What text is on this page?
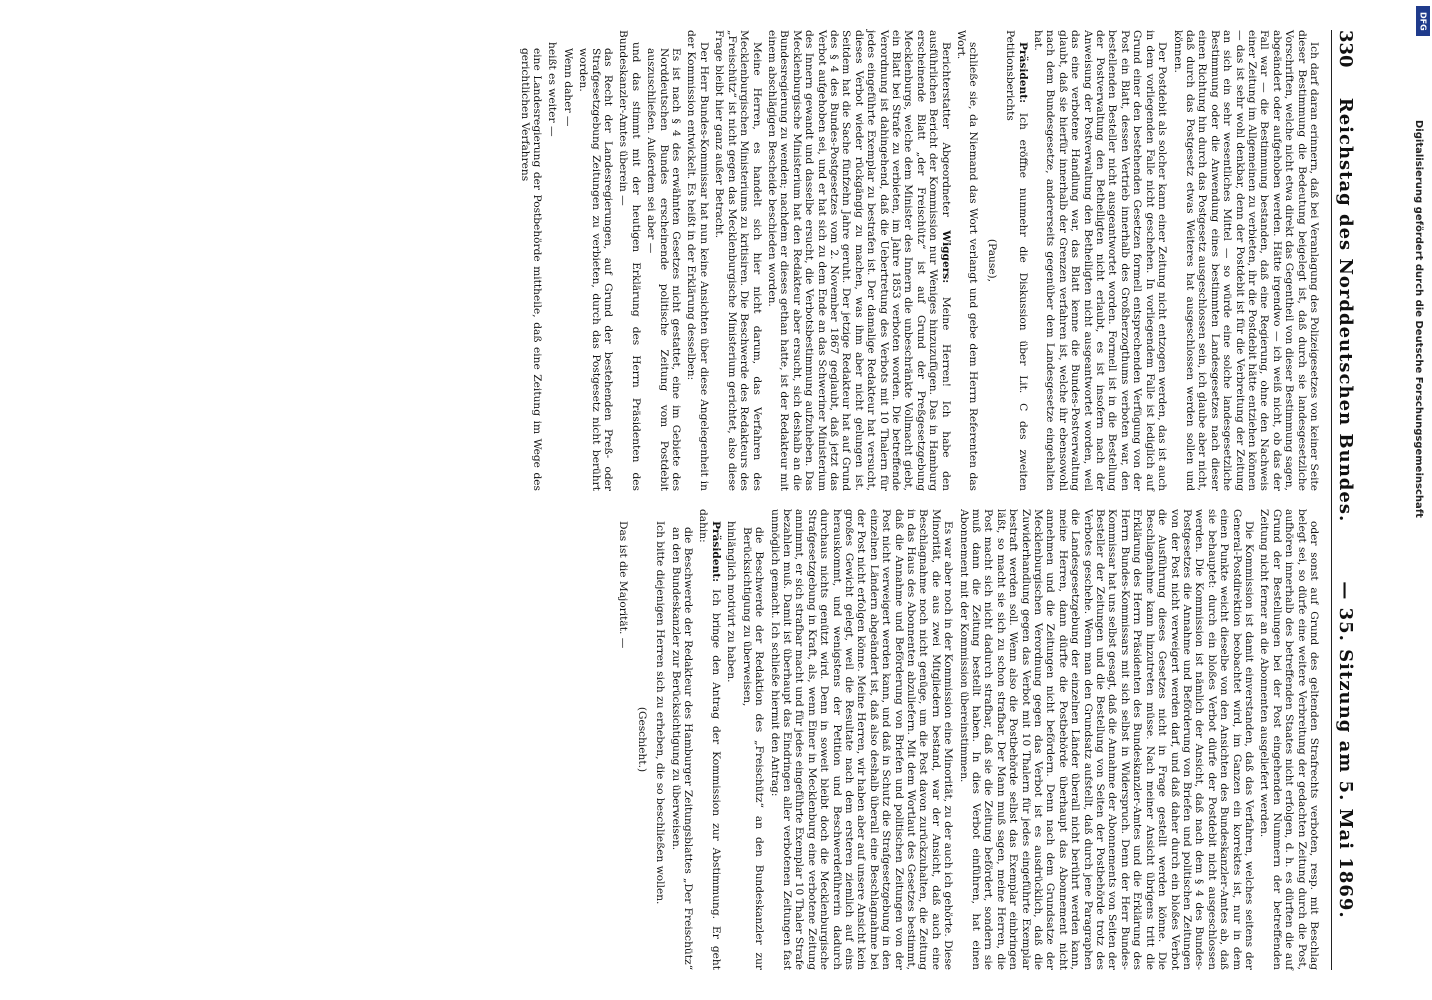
DFG
Digitalisierung gefördert durch die Deutsche Forschungsgemeinschaft
330
Reichstag des Norddeutschen Bundes.
— 35. Sitzung am 5. Mai 1869.

Ich darf daran erinnern, daß bei Veranlagung des Polizeigesetzes von keiner Seite dieser Bestimmung die Bedeutung beigelegt ist, daß durch sie landesgesetzliche Vorschriften, welche nicht etwa direkt das Gegentheil von dieser Bestimmung sagen, abgeändert oder aufgehoben werden. Hätte irgendwo — ich weiß nicht, ob das der Fall war — die Bestimmung bestanden, daß eine Regierung, ohne den Nachweis einer Zeitung im Allgemeinen zu verbieten, ihr die Postdebit hätte entziehen können — das ist sehr wohl denkbar, denn der Postdebit ist für die Verbreitung der Zeitung an sich ein sehr wesentliches Mittel — so würde eine solche landesgesetzliche Bestimmung oder die Anwendung eines bestimmten Landesgesetzes nach dieser einen Richtung hin durch das Postgesetz ausgeschlossen sein, ich glaube aber nicht, daß durch das Postgesetz etwas Weiteres hat ausgeschlossen werden sollen und können.

Der Postdebit als solcher kann einer Zeitung nicht entzogen werden, das ist auch in dem vorliegenden Falle nicht geschehen. In vorliegendem Falle ist lediglich auf Grund einer den bestehenden Gesetzen formell entsprechenden Verfügung von der Post ein Blatt, dessen Vertrieb innerhalb des Großherzogthums verboten war, den bestellenden Besteller nicht ausgeantwortet worden. Formell ist in die Bestellung der Postverwaltung den Betheiligten nicht erlaubt, es ist insofern nach der Anweisung der Postverwaltung den Betheiligten nicht ausgeantwortet worden, weil das eine verbotene Handlung war, das Blatt kenne die Bundes-Postverwaltung glaubt, daß sie hierfür innerhalb der Grenzen verfahren ist, welche ihr ebensowohl nach dem Bundesgesetze, andererseits gegenüber dem Landesgesetze eingehalten hat.

Präsident: Ich eröffne nunmehr die Diskussion über Lit. C des zweiten Petitionsberichts

(Pause),

schließe sie, da Niemand das Wort verlangt und gebe dem Herrn Referenten das Wort.

Berichterstatter Abgeordneter Wiggers: Meine Herren! Ich habe den ausführlichen Bericht der Kommission nur Weniges hinzuzufügen. Das in Hamburg erscheinende Blatt „der Freischütz“ ist auf Grund der Preßgesetzgebung Mecklenburgs, welche dem Minister des Innern die unbeschränkte Vollmacht giebt, ein Blatt bei Strafe zu verbieten, im Jahre 1853 verboten worden. Die betreffende Verordnung ist dahingehend, daß die Uebertretung des Verbots mit 10 Thalern für jedes eingeführte Exemplar zu bestrafen ist. Der damalige Redakteur hat versucht, dieses Verbot wieder rückgängig zu machen, was ihm aber nicht gelungen ist. Seitdem hat die Sache fünfzehn Jahre geruht. Der jetzige Redakteur hat auf Grund des § 4 des Bundes-Postgesetzes vom 2. November 1867 geglaubt, daß jetzt das Verbot aufgehoben sei, und er hat sich zu dem Ende an das Schweriner Ministerium des Innern gewandt und dasselbe ersucht, die Verbotsbestimmung aufzuheben. Das Mecklenburgische Ministerium hat den Redakteur aber ersucht, sich deshalb an die Bundesregierung zu wenden; nachdem er dieses gethan hatte, ist der Redakteur mit einem abschlägigen Bescheide beschieden worden.

Meine Herren, es handelt sich hier nicht darum, das Verfahren des Mecklenburgischen Ministeriums zu kritisiren. Die Beschwerde des Redakteurs des „Freischütz“ ist nicht gegen das Mecklenburgische Ministerium gerichtet, also diese Frage bleibt hier ganz außer Betracht.

Der Herr Bundes-Kommissar hat nun keine Ansichten über diese Angelegenheit in der Kommission entwickelt. Es heißt in der Erklärung desselben:

Es ist nach § 4 des erwähnten Gesetzes nicht gestattet, eine im Gebiete des Norddeutschen Bundes erscheinende politische Zeitung vom Postdebit auszuschließen. Außerdem sei aber —

und das stimmt mit der heutigen Erklärung des Herrn Präsidenten des Bundeskanzler-Amtes überein —

das Recht der Landesregierungen, auf Grund der bestehenden Preß- oder Strafgesetzgebung Zeitungen zu verbieten, durch das Postgesetz nicht berührt worden.

Wenn daher —

heißt es weiter —

eine Landesregierung der Postbehörde mittheile, daß eine Zeitung im Wege des gerichtlichen Verfahrens

oder sonst auf Grund des geltenden Strafrechts verboten, resp. mit Beschlag belegt sei, so dürfe eine weitere Verbreitung der gedachten Zeitung durch die Post, aufhören innerhalb des betreffenden Staates nicht erfolgen, d. h. es dürften die auf Grund der Bestellungen bei der Post eingehenden Nummern der betreffenden Zeitung nicht ferner an die Abonnenten ausgeliefert werden.

Die Kommission ist damit einverstanden, daß das Verfahren, welches seitens der General-Postdirektion beobachtet wird, im Ganzen ein korrektes ist, nur in dem einen Punkte weicht dieselbe von den Ansichten des Bundeskanzler-Amtes ab, daß sie behauptet: durch ein bloßes Verbot dürfe der Postdebit nicht ausgeschlossen werden. Die Kommission ist nämlich der Ansicht, daß nach dem § 4 des Bundes-Postgesetzes die Annahme und Beförderung von Briefen und politischen Zeitungen von der Post nicht verweigert werden darf, und daß daher durch ein bloßes Verbot die Ausführung dieses Gesetzes nicht in Frage gestellt werden könne. Die Beschlagnahme kann hinzutreten müsse. Nach meiner Ansicht übrigens tritt die Erklärung des Herrn Präsidenten des Bundeskanzler-Amtes und die Erklärung des Herrn Bundes-Kommissars mit sich selbst in Widerspruch. Denn der Herr Bundes-Kommissar hat uns selbst gesagt, daß die Annahme der Abonnements von Seiten der Besteller der Zeitungen und die Bestellung von Seiten der Postbehörde trotz des Verbotes geschehe. Wenn man den Grundsatz aufstellt, daß durch jene Paragraphen die Landesgesetzgebung der einzelnen Länder überall nicht berührt werden kann, meine Herren, dann dürfte die Postbehörde überhaupt das Abonnement nicht annehmen und die Zeitungen nicht befördern. Denn nach dem Grundsatze der Mecklenburgischen Verordnung gegen das Verbot ist es ausdrücklich, daß die Zuwiderhandlung gegen das Verbot mit 10 Thalern für jedes eingeführte Exemplar bestraft werden soll. Wenn also die Postbehörde selbst das Exemplar einbringen läßt, so macht sie sich zu schon strafbar. Der Mann muß sagen, meine Herren, die Post macht sich nicht dadurch strafbar, daß sie die Zeitung befördert, sondern sie muß dann die Zeitung bestellt haben. In dies Verbot einführen, hat einen Abonnement mit der Kommission übereinstimmen.

Es war aber noch in der Kommission eine Minorität, zu der auch ich gehörte. Diese Minorität, die aus zwei Mitgliedern bestand, war der Ansicht, daß auch eine Beschlagnahme noch nicht genüge, um die Post davon zurückzuhalten, die Zeitung in das Haus des Abonnenten abzuliefern. Mit dem Wortlaut des Gesetzes bestimmt, daß die Annahme und Beförderung von Briefen und politischen Zeitungen von der Post nicht verweigert werden kann, und daß in Schutz die Strafgesetzgebung in den einzelnen Ländern abgeändert ist, daß also deshalb überall eine Beschlagnahme bei der Post nicht erfolgen könne. Meine Herren, wir haben aber auf unsere Ansicht kein großes Gewicht gelegt, weil die Resultate nach dem ersteren ziemlich auf eins herauskommt, und wenigstens der Petition und Beschwerdeführerin dadurch durchaus nichts genützt wird. Denn in soweit bleibt doch die Mecklenburgische Strafgesetzgebung in Kraft, als, wenn Einer in Mecklenburg eine verbotene Zeitung annimmt, er sich strafbar macht und für jedes eingeführte Exemplar 10 Thaler Strafe bezahlen muß. Damit ist überhaupt das Eindringen aller verbotenen Zeitungen fast unmöglich gemacht. Ich schließe hiermit den Antrag:

die Beschwerde der Redaktion des „Freischütz“ an den Bundeskanzler zur Berücksichtigung zu überweisen,

hinlänglich motivirt zu haben.

Präsident: Ich bringe den Antrag der Kommission zur Abstimmung. Er geht dahin:

die Beschwerde der Redakteur des Hamburger Zeitungsblattes „Der Freischütz“ an den Bundeskanzler zur Berücksichtigung zu überweisen.

Ich bitte diejenigen Herren sich zu erheben, die so beschließen wollen.

(Geschieht.)

Das ist die Majorität. —
